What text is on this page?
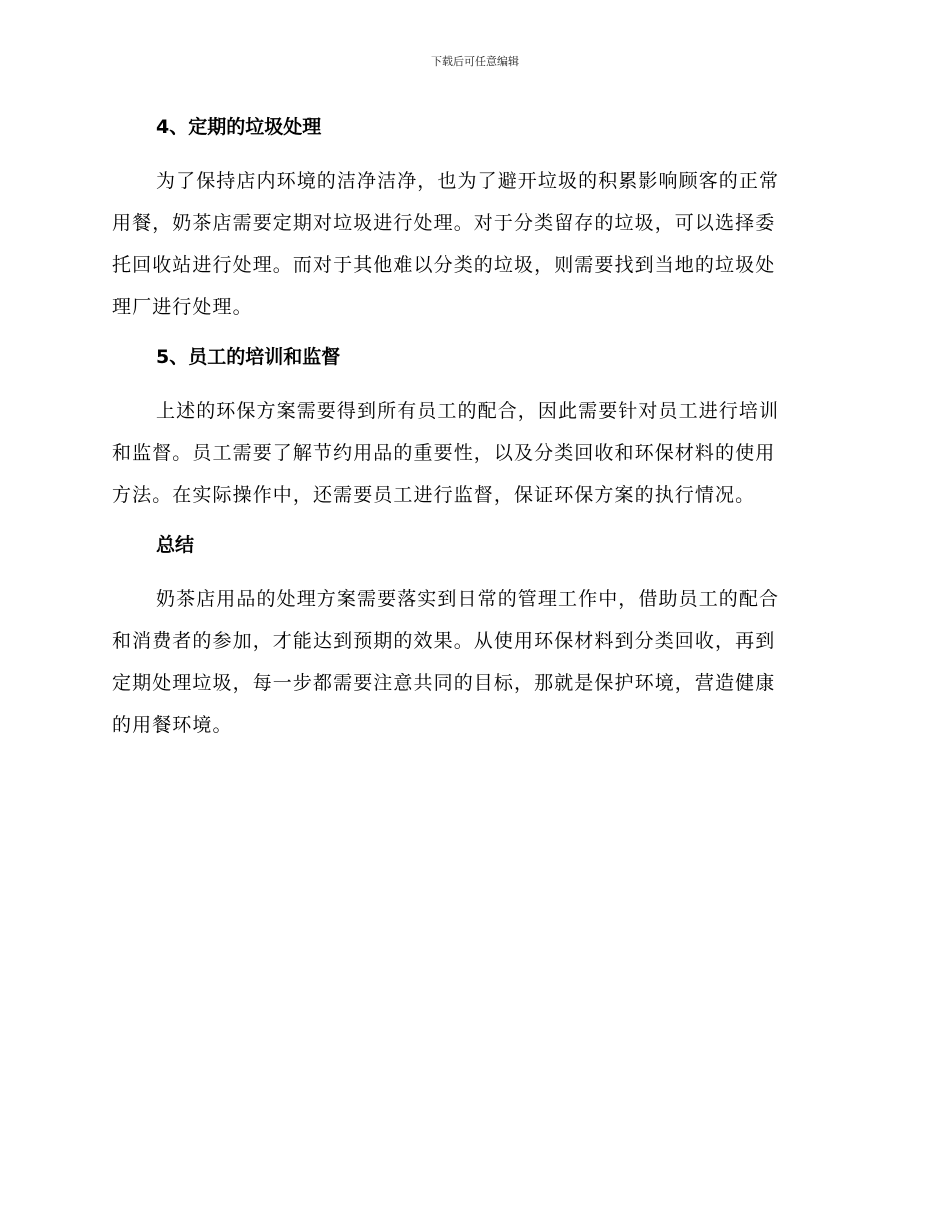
下载后可任意编辑
4、定期的垃圾处理
为了保持店内环境的洁净洁净，也为了避开垃圾的积累影响顾客的正常
用餐，奶茶店需要定期对垃圾进行处理。对于分类留存的垃圾，可以选择委
托回收站进行处理。而对于其他难以分类的垃圾，则需要找到当地的垃圾处
理厂进行处理。
5、员工的培训和监督
上述的环保方案需要得到所有员工的配合，因此需要针对员工进行培训
和监督。员工需要了解节约用品的重要性，以及分类回收和环保材料的使用
方法。在实际操作中，还需要员工进行监督，保证环保方案的执行情况。
总结
奶茶店用品的处理方案需要落实到日常的管理工作中，借助员工的配合
和消费者的参加，才能达到预期的效果。从使用环保材料到分类回收，再到
定期处理垃圾，每一步都需要注意共同的目标，那就是保护环境，营造健康
的用餐环境。
